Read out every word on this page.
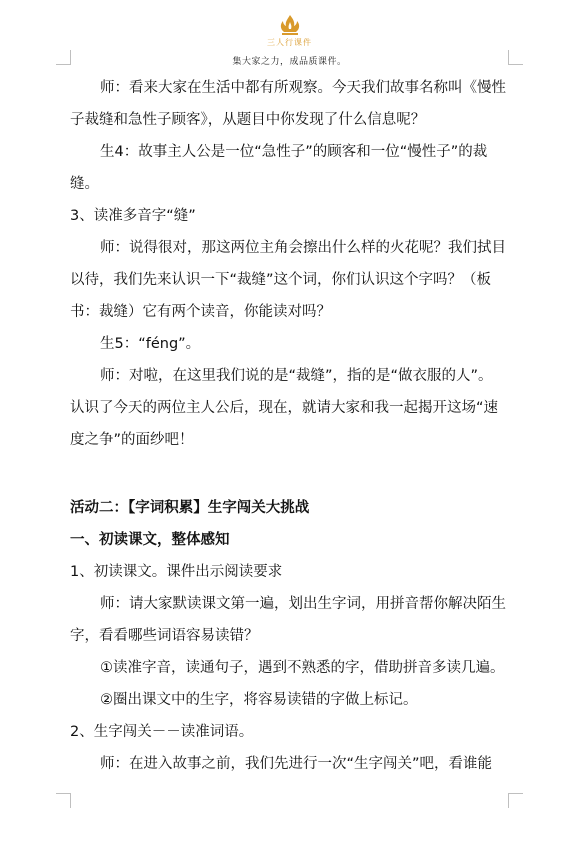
三人行课件
集大家之力，成品质课件。

师：看来大家在生活中都有所观察。今天我们故事名称叫《慢性子裁缝和急性子顾客》，从题目中你发现了什么信息呢？

生4：故事主人公是一位“急性子”的顾客和一位“慢性子”的裁缝。

3、读准多音字“缝”

师：说得很对，那这两位主角会擦出什么样的火花呢？我们拭目以待，我们先来认识一下“裁缝”这个词，你们认识这个字吗？（板书：裁缝）它有两个读音，你能读对吗？

生5：“féng”。

师：对啦，在这里我们说的是“裁缝”，指的是“做衣服的人”。认识了今天的两位主人公后，现在，就请大家和我一起揭开这场“速度之争”的面纱吧！

活动二：【字词积累】生字闯关大挑战

一、初读课文，整体感知

1、初读课文。课件出示阅读要求

师：请大家默读课文第一遍，划出生字词，用拼音帮你解决陌生字，看看哪些词语容易读错？

①读准字音，读通句子，遇到不熟悉的字，借助拼音多读几遍。

②圈出课文中的生字，将容易读错的字做上标记。

2、生字闯关－－读准词语。

师：在进入故事之前，我们先进行一次“生字闯关”吧，看谁能
